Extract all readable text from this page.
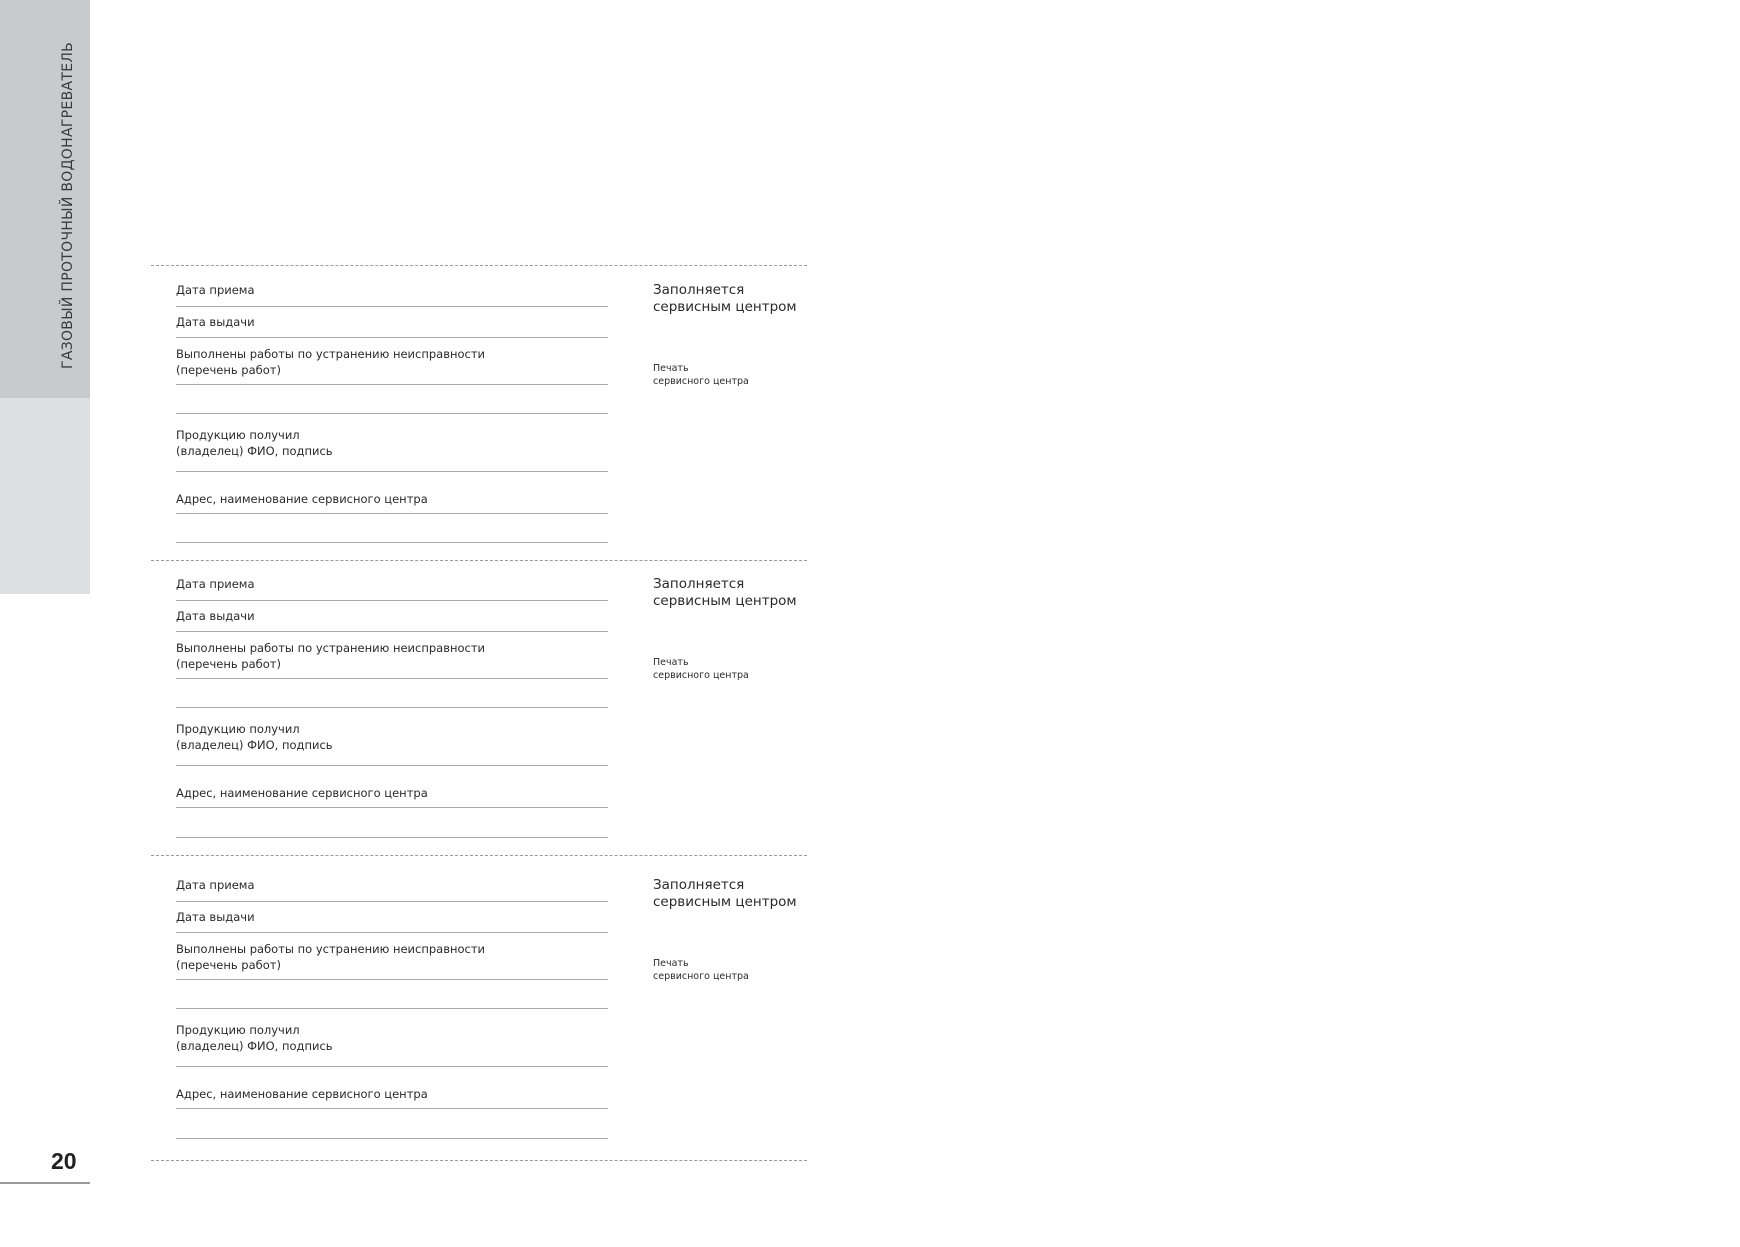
ГАЗОВЫЙ ПРОТОЧНЫЙ ВОДОНАГРЕВАТЕЛЬ
20
Дата приема
Дата выдачи
Выполнены работы по устранению неисправности
(перечень работ)
Продукцию получил
(владелец) ФИО, подпись
Адрес, наименование сервисного центра
Заполняется
сервисным центром
Печать
сервисного центра
Дата приема
Дата выдачи
Выполнены работы по устранению неисправности
(перечень работ)
Продукцию получил
(владелец) ФИО, подпись
Адрес, наименование сервисного центра
Заполняется
сервисным центром
Печать
сервисного центра
Дата приема
Дата выдачи
Выполнены работы по устранению неисправности
(перечень работ)
Продукцию получил
(владелец) ФИО, подпись
Адрес, наименование сервисного центра
Заполняется
сервисным центром
Печать
сервисного центра
